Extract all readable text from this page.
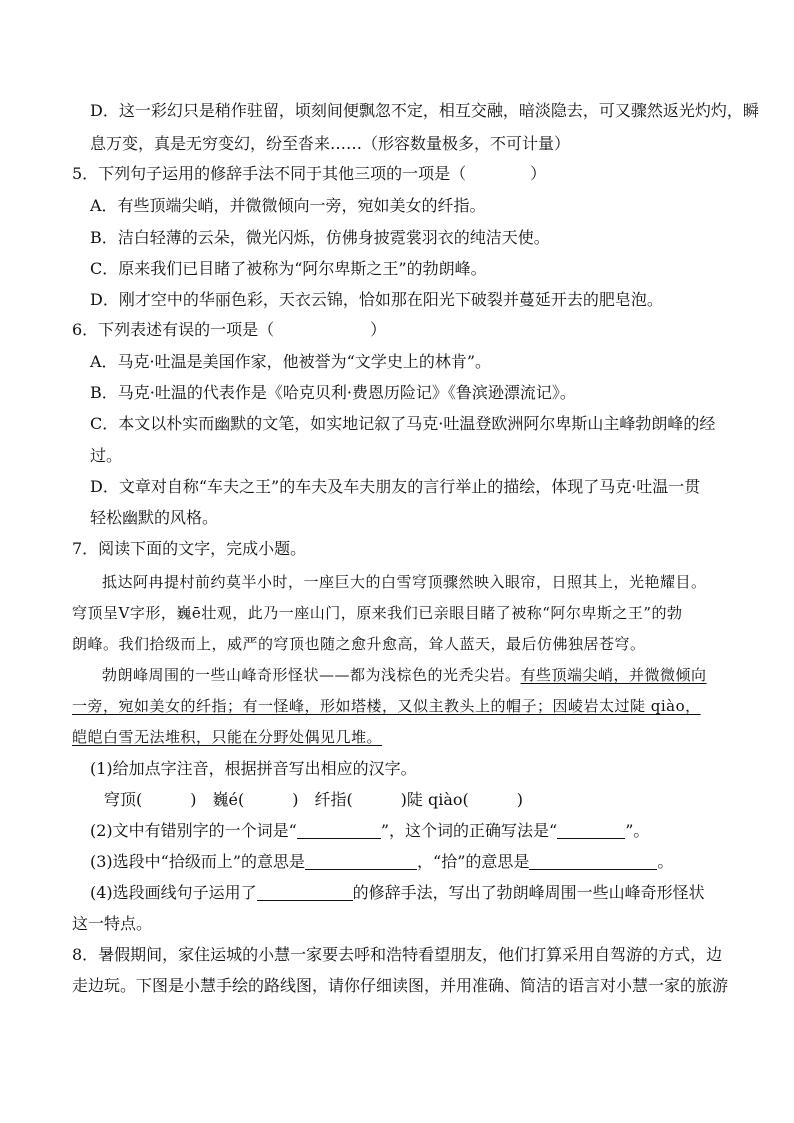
D．这一彩幻只是稍作驻留，顷刻间便飘忽不定，相互交融，暗淡隐去，可又骤然返光灼灼，瞬
息万变，真是无穷变幻，纷至沓来……（形容数量极多，不可计量）
5．下列句子运用的修辞手法不同于其他三项的一项是（　　　　）
A．有些顶端尖峭，并微微倾向一旁，宛如美女的纤指。
B．洁白轻薄的云朵，微光闪烁，仿佛身披霓裳羽衣的纯洁天使。
C．原来我们已目睹了被称为“阿尔卑斯之王”的勃朗峰。
D．刚才空中的华丽色彩，天衣云锦，恰如那在阳光下破裂并蔓延开去的肥皂泡。
6．下列表述有误的一项是（　　　　　　）
A．马克·吐温是美国作家，他被誉为“文学史上的林肯”。
B．马克·吐温的代表作是《哈克贝利·费恩历险记》《鲁滨逊漂流记》。
C．本文以朴实而幽默的文笔，如实地记叙了马克·吐温登欧洲阿尔卑斯山主峰勃朗峰的经
过。
D．文章对自称“车夫之王”的车夫及车夫朋友的言行举止的描绘，体现了马克·吐温一贯
轻松幽默的风格。
7．阅读下面的文字，完成小题。
抵达阿冉提村前约莫半小时，一座巨大的白雪穹顶骤然映入眼帘，日照其上，光艳耀目。
穹顶呈V字形，巍ē壮观，此乃一座山门，原来我们已亲眼目睹了被称“阿尔卑斯之王”的勃
朗峰。我们拾级而上，威严的穹顶也随之愈升愈高，耸人蓝天，最后仿佛独居苍穹。
勃朗峰周围的一些山峰奇形怪状——都为浅棕色的光秃尖岩。有些顶端尖峭，并微微倾向
一旁，宛如美女的纤指；有一怪峰，形如塔楼，又似主教头上的帽子；因崚岩太过陡 qiào，
皑皑白雪无法堆积，只能在分野处偶见几堆。
(1)给加点字注音，根据拼音写出相应的汉字。
穹顶(　　　)　巍é(　　　)　纤指(　　　)陡 qiào(　　　)
(2)文中有错别字的一个词是“	”，这个词的正确写法是“	”。
(3)选段中“拾级而上”的意思是	，“拾”的意思是	。
(4)选段画线句子运用了	的修辞手法，写出了勃朗峰周围一些山峰奇形怪状
这一特点。
8．暑假期间，家住运城的小慧一家要去呼和浩特看望朋友，他们打算采用自驾游的方式，边
走边玩。下图是小慧手绘的路线图，请你仔细读图，并用准确、简洁的语言对小慧一家的旅游
